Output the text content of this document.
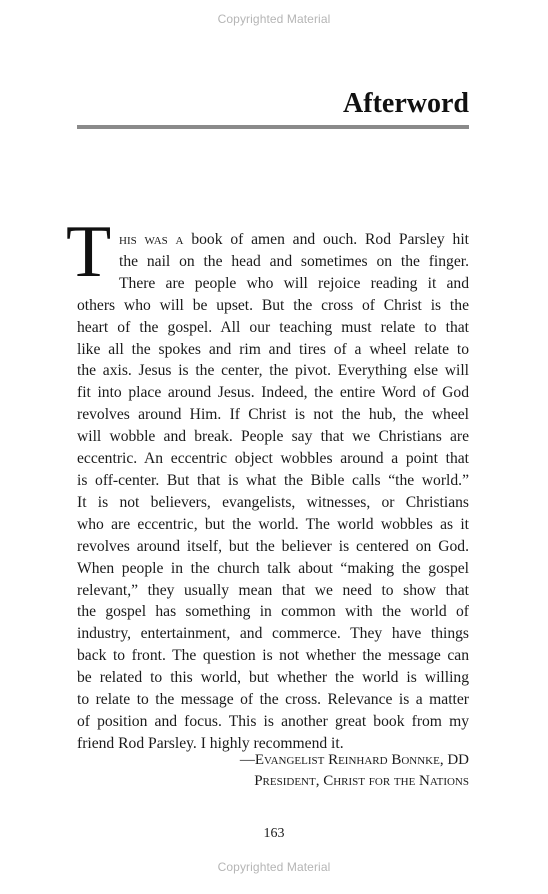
Copyrighted Material
Afterword
T his was a book of amen and ouch. Rod Parsley hit
the nail on the head and sometimes on the finger.
There are people who will rejoice reading it and
others who will be upset. But the cross of Christ is the
heart of the gospel. All our teaching must relate to that
like all the spokes and rim and tires of a wheel relate to
the axis. Jesus is the center, the pivot. Everything else will
fit into place around Jesus. Indeed, the entire Word of God
revolves around Him. If Christ is not the hub, the wheel
will wobble and break. People say that we Christians are
eccentric. An eccentric object wobbles around a point that
is off-center. But that is what the Bible calls “the world.”
It is not believers, evangelists, witnesses, or Christians
who are eccentric, but the world. The world wobbles as it
revolves around itself, but the believer is centered on God.
When people in the church talk about “making the gospel
relevant,” they usually mean that we need to show that
the gospel has something in common with the world of
industry, entertainment, and commerce. They have things
back to front. The question is not whether the message can
be related to this world, but whether the world is willing
to relate to the message of the cross. Relevance is a matter
of position and focus. This is another great book from my
friend Rod Parsley. I highly recommend it.

—Evangelist Reinhard Bonnke, DD

President, Christ for the Nations

163
Copyrighted Material
